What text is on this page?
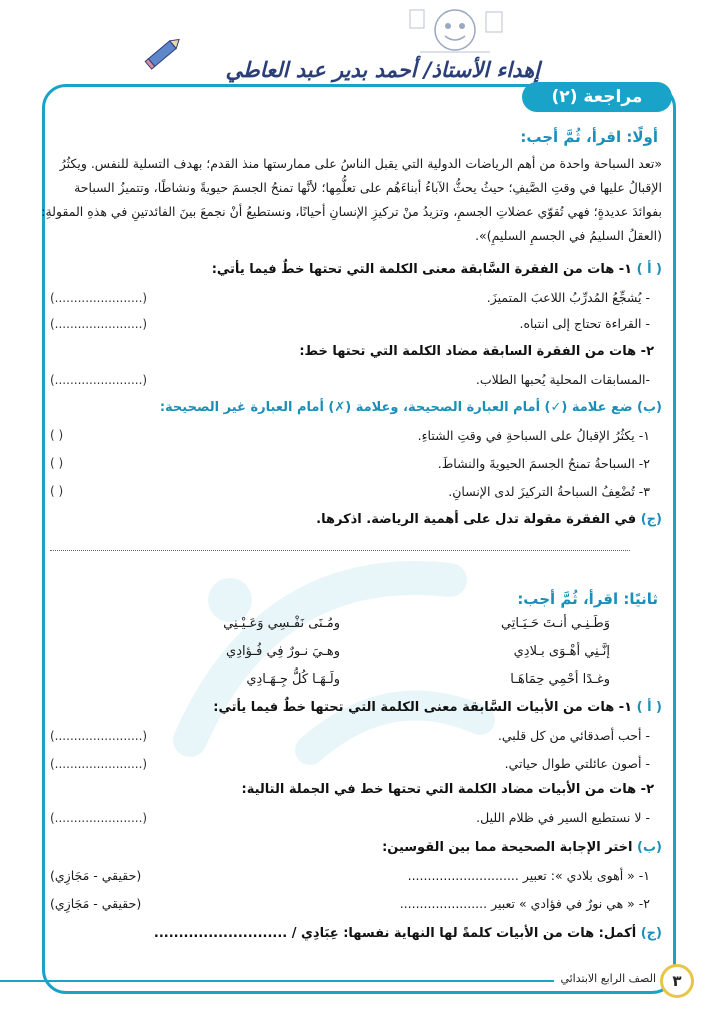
إهداء الأستاذ/ أحمد بدير عبد العاطي
مراجعة (٢)
أولًا: اقرأ، ثُمَّ أجب:
«تعد السباحة واحدة من أهم الرياضات الدولية التي يقبل الناسُ على ممارستها منذ القدم؛ بهدف التسلية للنفس. ويكثُرُ
الإقبالُ عليها في وقتِ الصَّيفِ؛ حيثُ يحثُّ الآباءُ أبناءَهُم على تعلُّمِها؛ لأنَّها تمنحُ الجسمَ حيويةً ونشاطًا، وتتميزُ السباحة
بفوائدَ عديدةٍ؛ فهي تُقوّي عضلاتِ الجسمِ، وتزيدُ منْ تركيزِ الإنسانِ أحيانًا، ونستطيعُ أنْ نجمعَ بينَ الفائدتينِ في هذهِ المقولةِ:
(العقلُ السليمُ في الجسمِ السليمِ)».
( أ ) ١- هات من الفقرة السَّابقة معنى الكلمة التي تحتها خطٌ فيما يأتي:
- يُشجِّعُ المُدرِّبُ اللاعبَ المتميزَ.
(.......................)
- القراءة تحتاج إلى انتباه.
(.......................)
٢- هات من الفقرة السابقة مضاد الكلمة التي تحتها خط:
-المسابقات المحلية يُحبها الطلاب.
(.......................)
(ب) ضع علامة (✓) أمام العبارة الصحيحة، وعلامة (✗) أمام العبارة غير الصحيحة:
١- يكثُرُ الإقبالُ على السباحةِ في وقتِ الشتاءِ.
( )
٢- السباحةُ تمنحُ الجسمَ الحيويةَ والنشاطَ.
( )
٣- تُضْعِفُ السباحةُ التركيزَ لدى الإنسانِ.
( )
(ج) في الفقرة مقولة تدل على أهمية الرياضة. اذكرها.
ثانيًا: اقرأ، ثُمَّ أجب:
وَطَـنِـي أنـتَ حَـيَـاتِي
ومُـنَى نَفْـسِي وَعَـيْـنِي
إنَّـنِي أهْـوَى بـلادِي
وهـيَ نـورٌ فِي فُـؤادِي
وغـدًا أحْمِي حِمَاهَـا
ولَـهَـا كُلُّ جِـهَـادِي
( أ ) ١- هات من الأبيات السَّابقة معنى الكلمة التي تحتها خطٌ فيما يأتي:
- أحب أصدقائي من كل قلبي.
(.......................)
- أصون عائلتي طوال حياتي.
(.......................)
٢- هات من الأبيات مضاد الكلمة التي تحتها خط في الجملة التالية:
- لا نستطيع السير في ظلام الليل.
(.......................)
(ب) اختر الإجابة الصحيحة مما بين القوسين:
١- « أهوى بلادي »: تعبير ............................
(حقيقي - مَجَازِي)
٢- « هي نورٌ في فؤادي » تعبير ......................
(حقيقي - مَجَازِي)
(ج) أكمل: هات من الأبيات كلمةً لها النهاية نفسها: عِبَادِي / ...........................
الصف الرابع الابتدائي	٣
